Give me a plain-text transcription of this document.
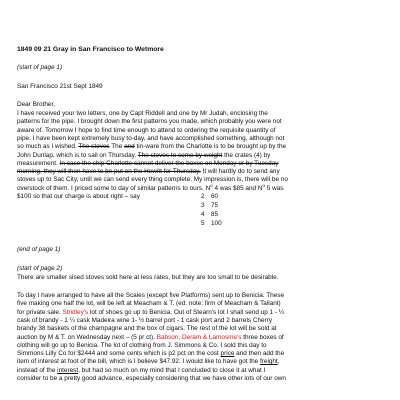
1849 09 21 Gray in San Francisco to Wetmore
(start of page 1)
San Francisco 21st Sept 1849
Dear Brother,
I have received your two letters, one by Capt Riddell and one by Mr Judah, enclosing the
patterns for the pipe. I brought down the first patterns you made, which probably you were not
aware of. Tomorrow I hope to find time enough to attend to ordering the requisite quantity of
pipe. I have been kept extremely busy to-day, and have accomplished something, although not
so much as I wished. The stoves The and tin-ware from the Charlotte is to be brought up by the
John Dunlap, which is to sail on Thursday. The stoves to come by weight the crates (4) by
measurement. In case the ship Charlotte cannot deliver the boxes on Monday or by Tuesday
morning, they will then have to be put on the Hewitt for Thursday. It will hardly do to send any
stoves up to Sac City, until we can send every thing complete. My impression is, there will be no
overstock of them. I priced some to day of similar patterns to ours. $N^o$ 4 was $85 and $N^o$ 5 was
$100 so that our charge is about right – say	2 60
3 75
4 85
5 100
(end of page 1)
(start of page 2)
There are smaller sised stoves sold here at less rates, but they are too small to be desirable.
To day I have arranged to have all the Scales (except five Platforms) sent up to Benicia. These
five making one half the lot, will be left at Meacham & T. (ed. note: firm of Meacham & Tallant)
for private sale. Stridley's lot of shoes go up to Benicia. Out of Stearn's lot I shall send up 1 - ¼
cask of brandy - 1 ¼ cask Madeira wine 1- ½ barrel port - 1 cask port and 2 barrels Cherry
brandy 38 baskets of the champagne and the box of cigars. The rest of the lot will be sold at
auction by M & T. on Wednesday next – (5 pr ct). Babson, Deram & Lamosme's three boxes of
clothing will go up to Benicia. The lot of clothing from J. Simmons & Co. I sold this day to
Simmons Lilly Co for $2444 and some cents which is p2 pct on the cost price and then add the
item of interest at foot of the bill, which is I believe $47.92. I would like to have got the freight,
instead of the interest, but had so much on my mind that I concluded to close it at what I
consider to be a pretty good advance, especially considering that we have other lots of our own
